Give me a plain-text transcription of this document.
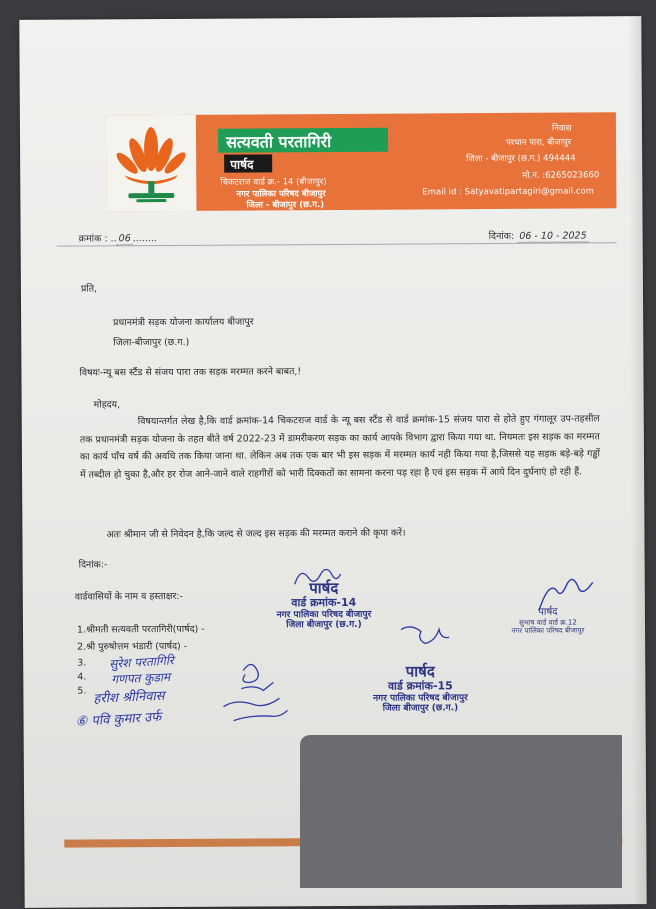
सत्यवती परतागिरी
पार्षद
चिकटराज वार्ड क्र.- 14 (बीजापुर)
नगर पालिका परिषद बीजापुर
जिला - बीजापुर (छ.ग.)
निवास
परधान पारा, बीजापुर
जिला - बीजापुर (छ.ग.) 494444
मो.न. :6265023660
Email id : Satyavatipartagiri@gmail.com
क्रमांक : .. 06 ........	दिनांक: 06 - 10 - 2025
प्रति,
प्रधानमंत्री सड़क योजना कार्यालय बीजापुर
जिला-बीजापुर (छ.ग.)
विषयः-न्यू बस स्टैंड से संजय पारा तक सड़क मरम्मत करने बाबत,!
मोहदय,
विषयान्तर्गत लेख है,कि वार्ड क्रमांक-14 चिकटराज वार्ड के न्यू बस स्टैंड से वार्ड क्रमांक-15 संजय पारा से होते हुए गंगालूर उप-तहसील तक प्रधानमंत्री सड़क योजना के तहत बीते वर्ष 2022-23 में डामरीकरण सड़क का कार्य आपके विभाग द्वारा किया गया था. नियमतः इस सड़क का मरम्मत का कार्य पाँच वर्ष की अवधि तक किया जाना था. लेकिन अब तक एक बार भी इस सड़क में मरम्मत कार्य नही किया गया है,जिससे यह सड़क बड़े-बड़े गड्ढों में तब्दील हो चुका है,और हर रोज आने-जाने वाले राहगीरों को भारी दिक्कतों का सामना करना पड़ रहा है एवं इस सड़क में आये दिन दुर्घनाएं हो रही हैं.
अतः श्रीमान जी से निवेदन है,कि जल्द से जल्द इस सड़क की मरम्मत कराने की कृपा करें।
दिनांक:-
वार्डवासियों के नाम व हस्ताक्षर:-
1.श्रीमती सत्यवती परतागिरी(पार्षद) -
2.श्री पुरुषोत्तम भंडारी (पार्षद) -
3.
4.
5.
सुरेश परतागिरि
गणपत कुडाम
हरीश श्रीनिवास
⑥ पवि कुमार उर्फ
पार्षद
वार्ड क्रमांक-14
नगर पालिका परिषद बीजापुर
जिला बीजापुर (छ.ग.)
पार्षद
वार्ड क्रमांक-15
नगर पालिका परिषद बीजापुर
जिला बीजापुर (छ.ग.)
पार्षद
सुभाष वार्ड वार्ड क्र.12
नगर पालिका परिषद बीजापुर
